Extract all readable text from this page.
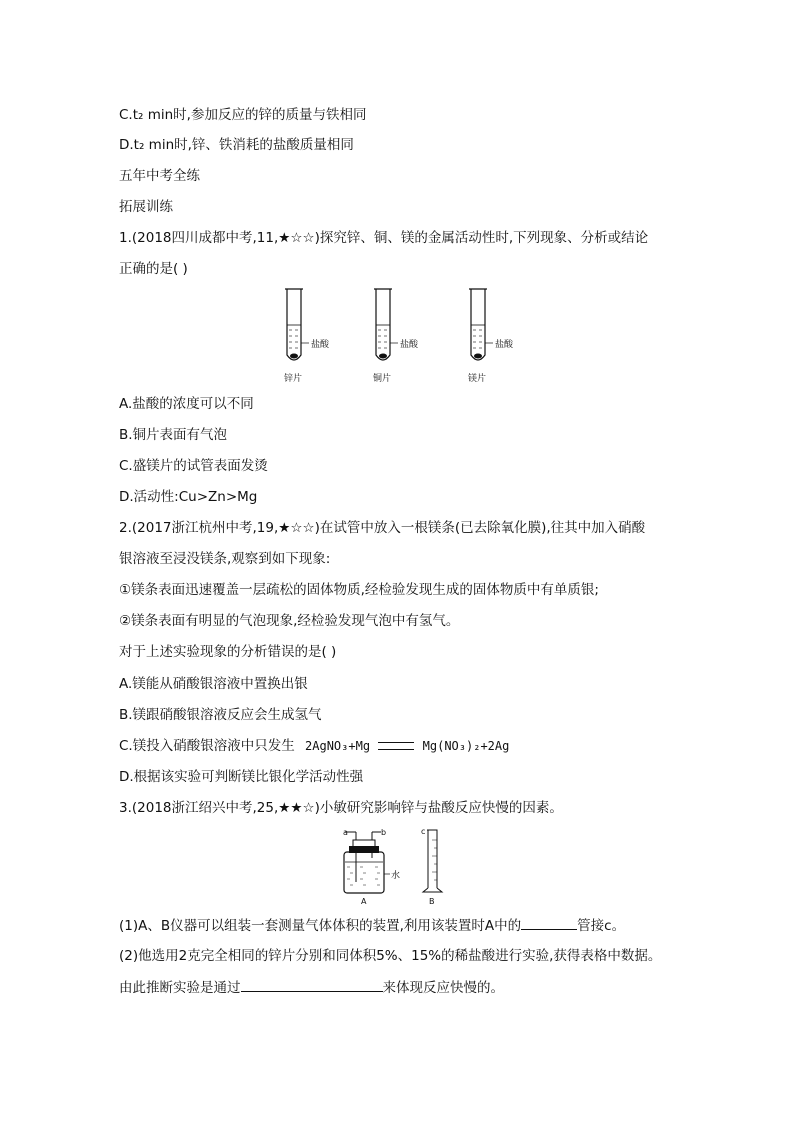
C.t₂ min时,参加反应的锌的质量与铁相同
D.t₂ min时,锌、铁消耗的盐酸质量相同
五年中考全练
拓展训练
1.(2018四川成都中考,11,★☆☆)探究锌、铜、镁的金属活动性时,下列现象、分析或结论
正确的是( )
盐酸
锌片
盐酸
铜片
盐酸
镁片
A.盐酸的浓度可以不同
B.铜片表面有气泡
C.盛镁片的试管表面发烫
D.活动性:Cu>Zn>Mg
2.(2017浙江杭州中考,19,★☆☆)在试管中放入一根镁条(已去除氧化膜),往其中加入硝酸
银溶液至浸没镁条,观察到如下现象:
①镁条表面迅速覆盖一层疏松的固体物质,经检验发现生成的固体物质中有单质银;
②镁条表面有明显的气泡现象,经检验发现气泡中有氢气。
对于上述实验现象的分析错误的是( )
A.镁能从硝酸银溶液中置换出银
B.镁跟硝酸银溶液反应会生成氢气
C.镁投入硝酸银溶液中只发生 2AgNO₃+Mg	Mg(NO₃)₂+2Ag
D.根据该实验可判断镁比银化学活动性强
3.(2018浙江绍兴中考,25,★★☆)小敏研究影响锌与盐酸反应快慢的因素。
a	b
水
A
c
B
(1)A、B仪器可以组装一套测量气体体积的装置,利用该装置时A中的	管接c。
(2)他选用2克完全相同的锌片分别和同体积5%、15%的稀盐酸进行实验,获得表格中数据。
由此推断实验是通过	来体现反应快慢的。
